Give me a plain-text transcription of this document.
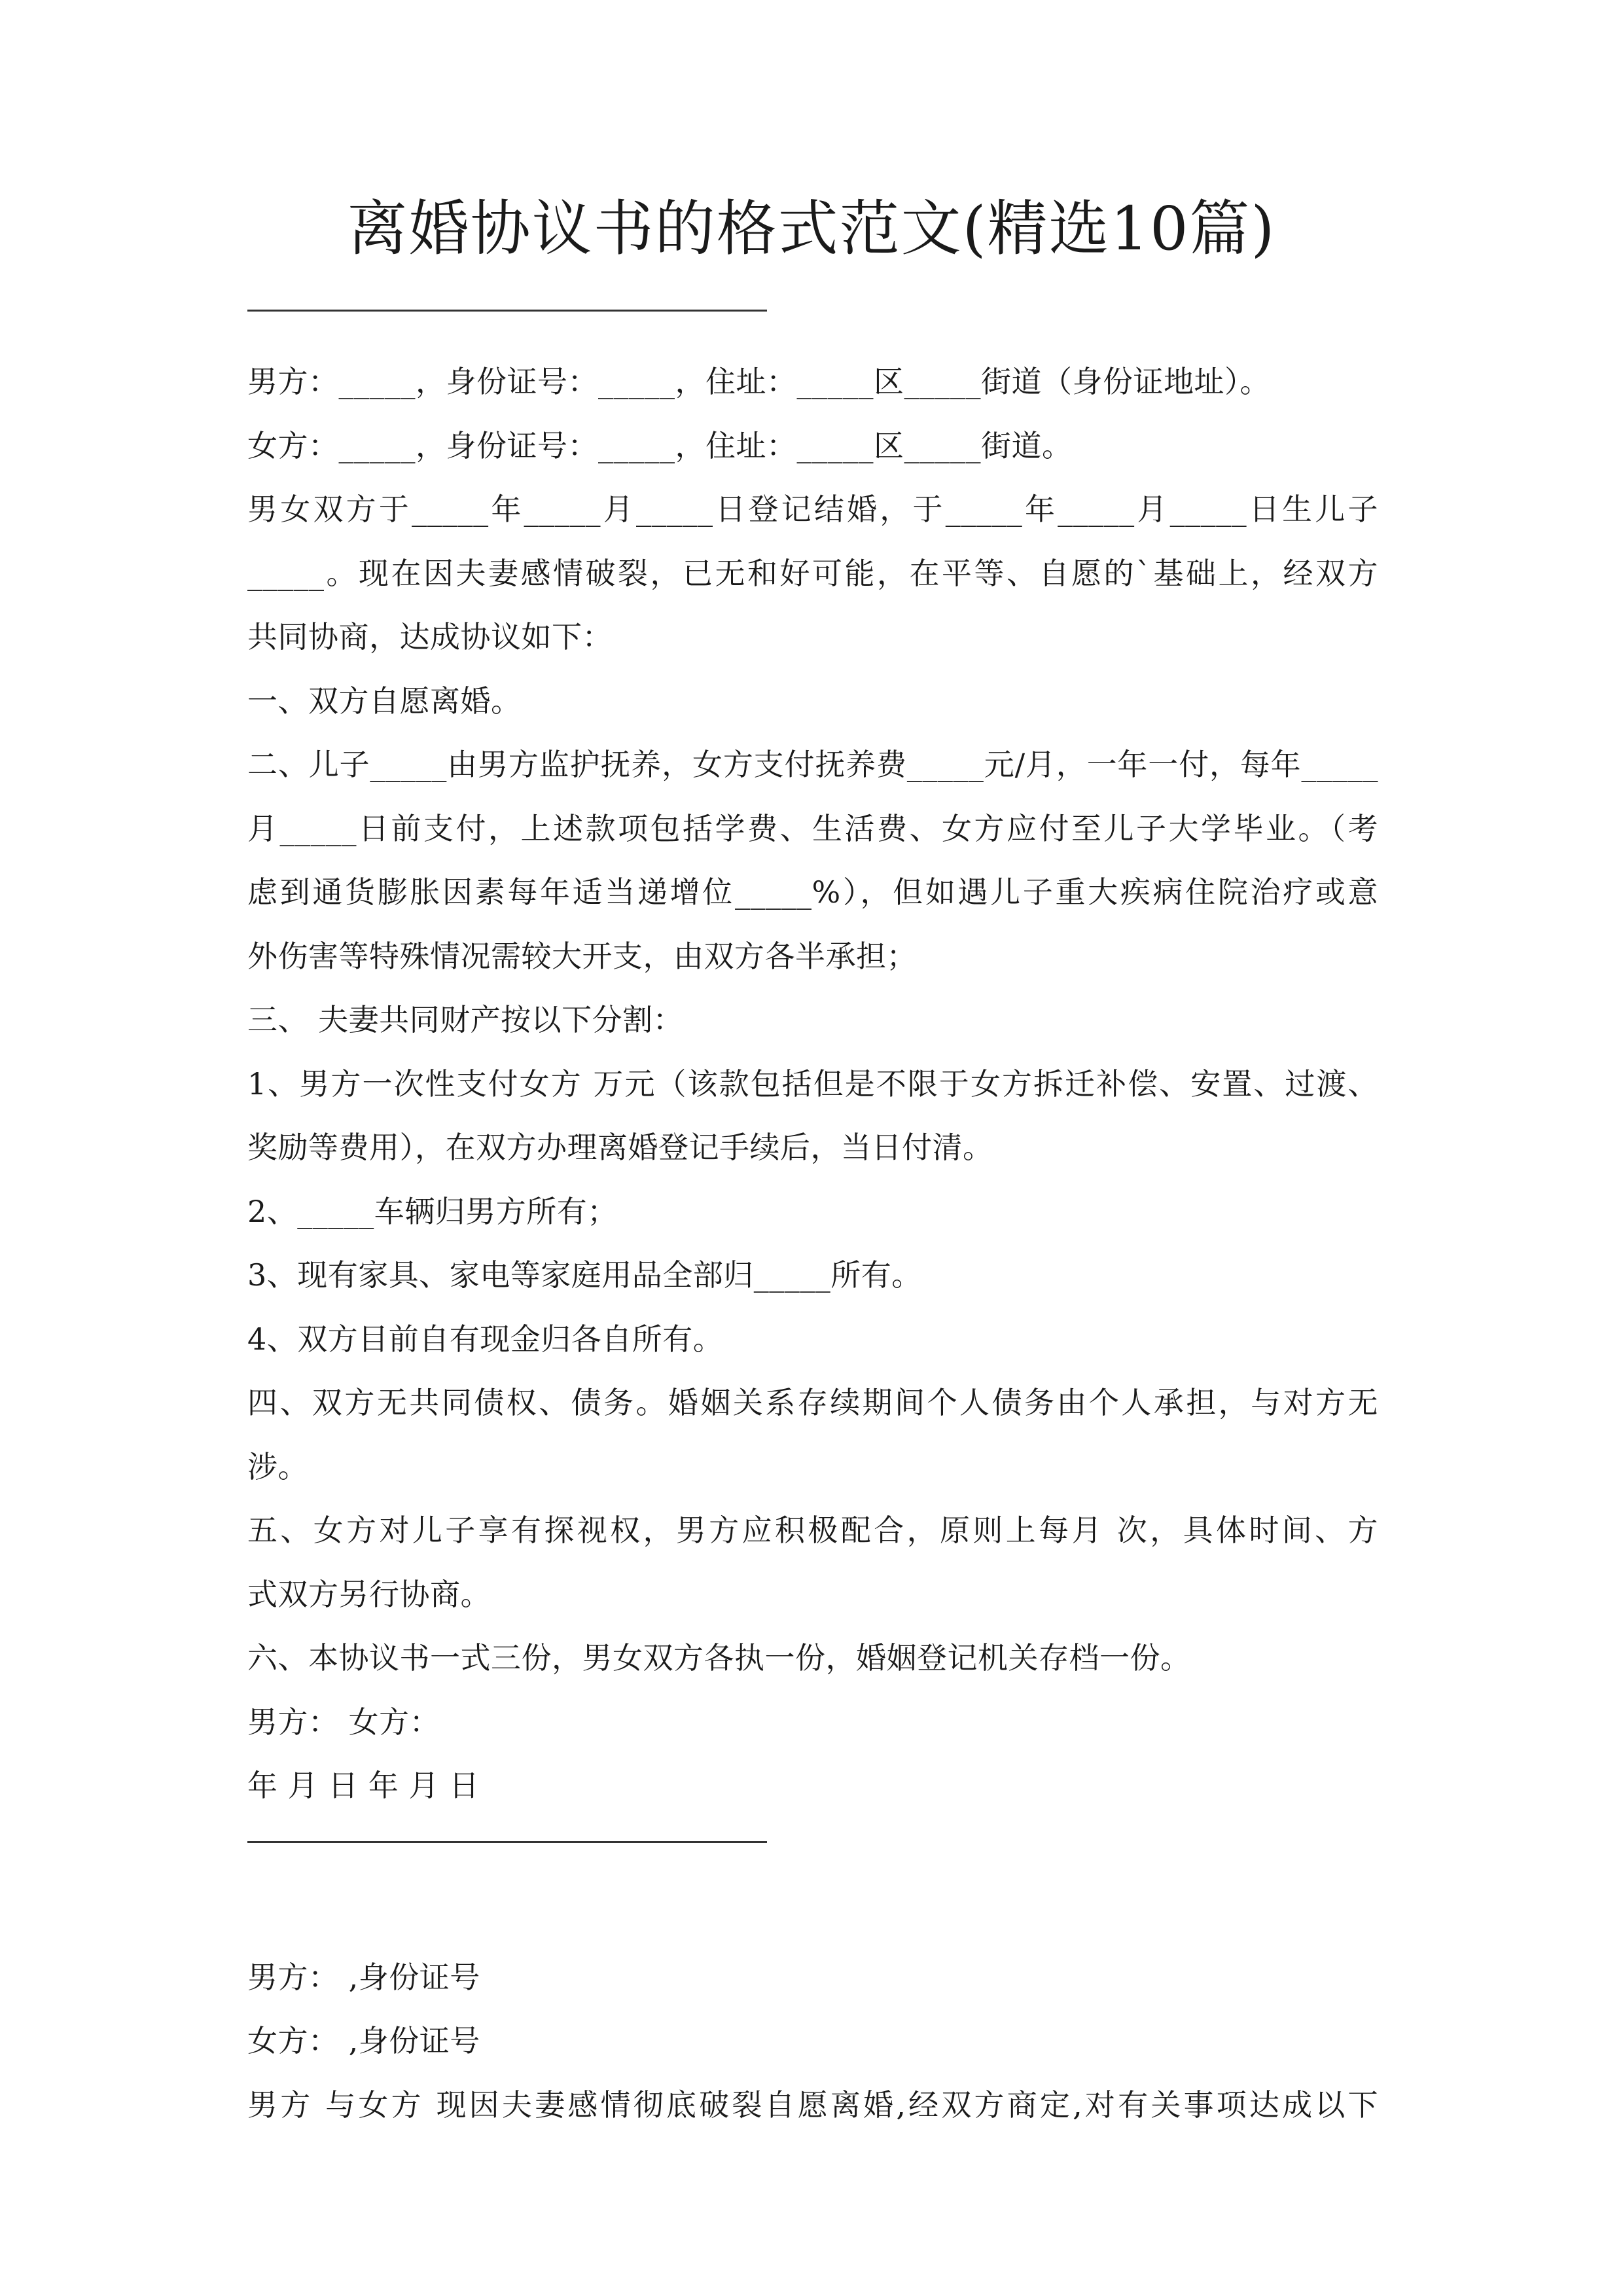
离婚协议书的格式范文(精选10篇)
男方：_____，身份证号：_____，住址：_____区_____街道（身份证地址）。
女方：_____，身份证号：_____，住址：_____区_____街道。
男女双方于_____年_____月_____日登记结婚，于_____年_____月_____日生儿子
_____。现在因夫妻感情破裂，已无和好可能，在平等、自愿的`基础上，经双方
共同协商，达成协议如下：
一、双方自愿离婚。
二、儿子_____由男方监护抚养，女方支付抚养费_____元/月，一年一付，每年_____
月_____日前支付，上述款项包括学费、生活费、女方应付至儿子大学毕业。（考
虑到通货膨胀因素每年适当递增位_____%），但如遇儿子重大疾病住院治疗或意
外伤害等特殊情况需较大开支，由双方各半承担；
三、 夫妻共同财产按以下分割：
1、男方一次性支付女方 万元（该款包括但是不限于女方拆迁补偿、安置、过渡、
奖励等费用），在双方办理离婚登记手续后，当日付清。
2、_____车辆归男方所有；
3、现有家具、家电等家庭用品全部归_____所有。
4、双方目前自有现金归各自所有。
四、双方无共同债权、债务。婚姻关系存续期间个人债务由个人承担，与对方无
涉。
五、女方对儿子享有探视权，男方应积极配合，原则上每月 次，具体时间、方
式双方另行协商。
六、本协议书一式三份，男女双方各执一份，婚姻登记机关存档一份。
男方： 女方：
年 月 日 年 月 日
男方： ,身份证号
女方： ,身份证号
男方 与女方 现因夫妻感情彻底破裂自愿离婚,经双方商定,对有关事项达成以下
